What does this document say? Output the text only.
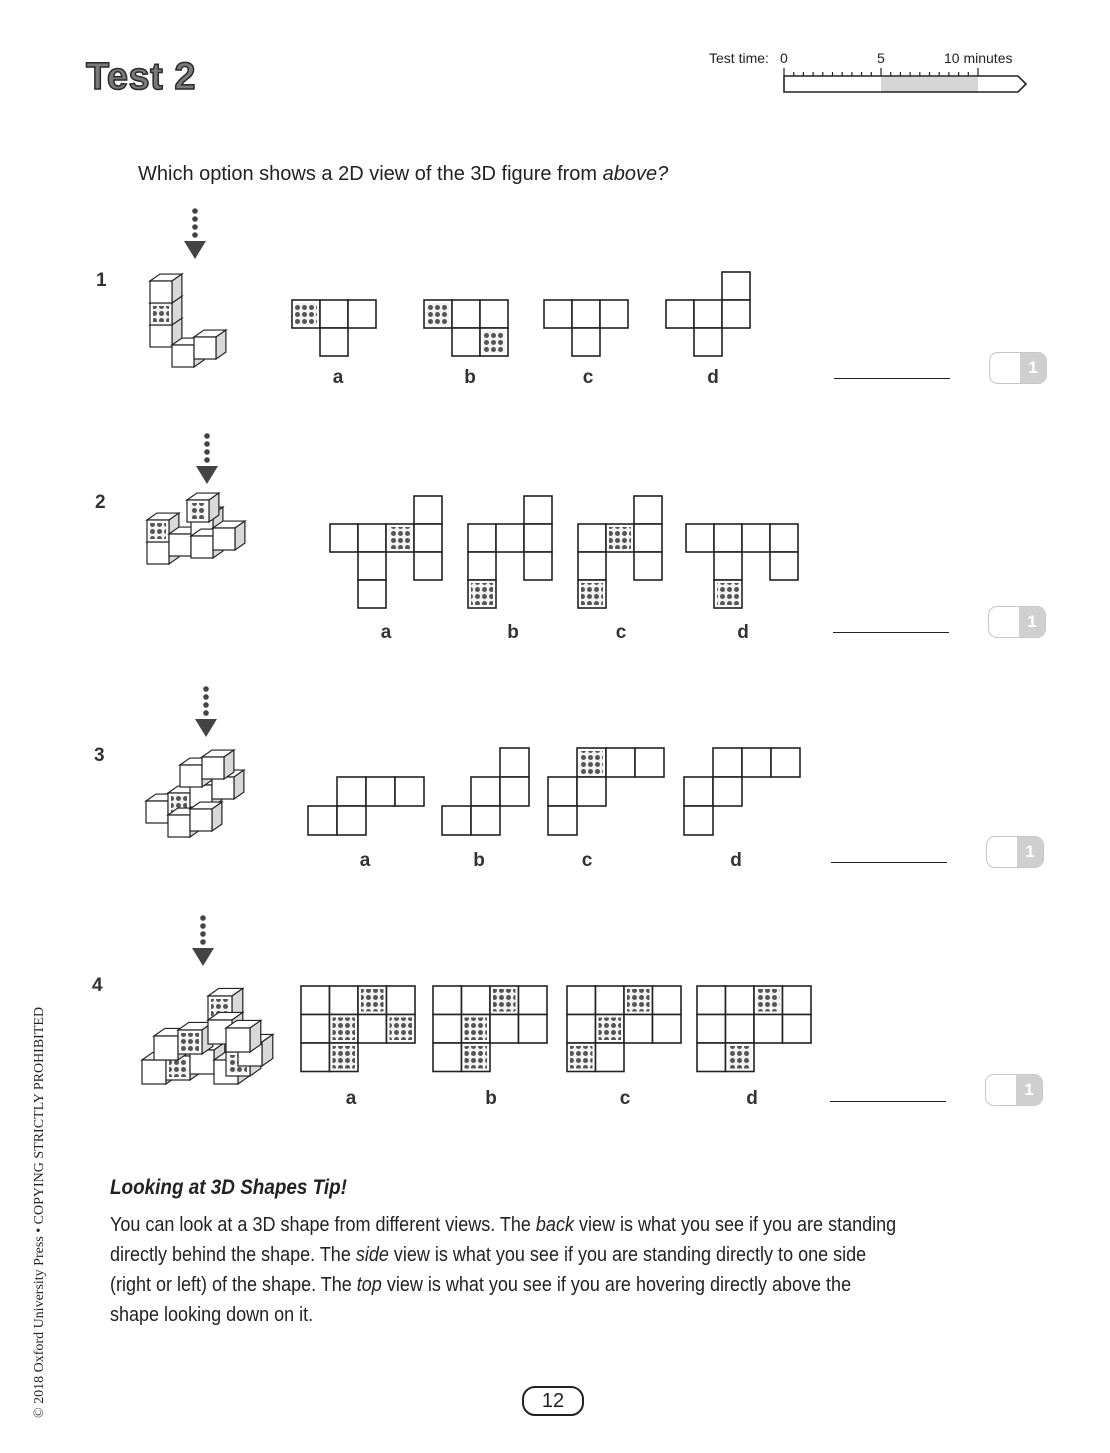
Test 2	Test time: 0	5	10 minutes
Which option shows a 2D view of the 3D figure from above?
1
a	b	c	d	1
2
a	b	c	d
1
3
a	b	c	d	1
4
a	b	c	d	1
Looking at 3D Shapes Tip!

You can look at a 3D shape from different views. The back view is what you see if you are standing directly behind the shape. The side view is what you see if you are standing directly to one side (right or left) of the shape. The top view is what you see if you are hovering directly above the shape looking down on it.

12
© 2018 Oxford University Press • COPYING STRICTLY PROHIBITED
